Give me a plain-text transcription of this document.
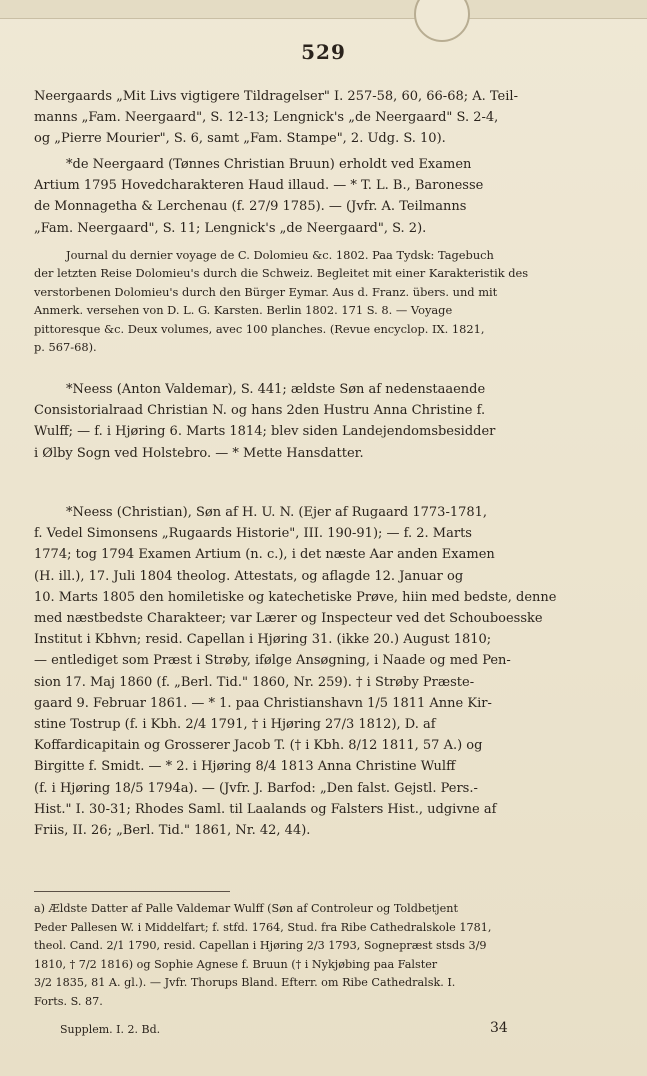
529
Neergaards „Mit Livs vigtigere Tildragelser" I. 257-58, 60, 66-68; A. Teil-
manns „Fam. Neergaard", S. 12-13; Lengnick's „de Neergaard" S. 2-4,
og „Pierre Mourier", S. 6, samt „Fam. Stampe", 2. Udg. S. 10).
*de Neergaard (Tønnes Christian Bruun) erholdt ved Examen
Artium 1795 Hovedcharakteren Haud illaud. — * T. L. B., Baronesse
de Monnagetha & Lerchenau (f. 27/9 1785). — (Jvfr. A. Teilmanns
„Fam. Neergaard", S. 11; Lengnick's „de Neergaard", S. 2).
Journal du dernier voyage de C. Dolomieu &c. 1802. Paa Tydsk: Tagebuch
der letzten Reise Dolomieu's durch die Schweiz. Begleitet mit einer Karakteristik des
verstorbenen Dolomieu's durch den Bürger Eymar. Aus d. Franz. übers. und mit
Anmerk. versehen von D. L. G. Karsten. Berlin 1802. 171 S. 8. — Voyage
pittoresque &c. Deux volumes, avec 100 planches. (Revue encyclop. IX. 1821,
p. 567-68).
*Neess (Anton Valdemar), S. 441; ældste Søn af nedenstaaende
Consistorialraad Christian N. og hans 2den Hustru Anna Christine f.
Wulff; — f. i Hjøring 6. Marts 1814; blev siden Landejendomsbesidder
i Ølby Sogn ved Holstebro. — * Mette Hansdatter.
*Neess (Christian), Søn af H. U. N. (Ejer af Rugaard 1773-1781,
f. Vedel Simonsens „Rugaards Historie", III. 190-91); — f. 2. Marts
1774; tog 1794 Examen Artium (n. c.), i det næste Aar anden Examen
(H. ill.), 17. Juli 1804 theolog. Attestats, og aflagde 12. Januar og
10. Marts 1805 den homiletiske og katechetiske Prøve, hiin med bedste, denne
med næstbedste Charakteer; var Lærer og Inspecteur ved det Schouboesske
Institut i Kbhvn; resid. Capellan i Hjøring 31. (ikke 20.) August 1810;
— entlediget som Præst i Strøby, ifølge Ansøgning, i Naade og med Pen-
sion 17. Maj 1860 (f. „Berl. Tid." 1860, Nr. 259). † i Strøby Præste-
gaard 9. Februar 1861. — * 1. paa Christianshavn 1/5 1811 Anne Kir-
stine Tostrup (f. i Kbh. 2/4 1791, † i Hjøring 27/3 1812), D. af
Koffardicapitain og Grosserer Jacob T. († i Kbh. 8/12 1811, 57 A.) og
Birgitte f. Smidt. — * 2. i Hjøring 8/4 1813 Anna Christine Wulff
(f. i Hjøring 18/5 1794a). — (Jvfr. J. Barfod: „Den falst. Gejstl. Pers.-
Hist." I. 30-31; Rhodes Saml. til Laalands og Falsters Hist., udgivne af
Friis, II. 26; „Berl. Tid." 1861, Nr. 42, 44).
a) Ældste Datter af Palle Valdemar Wulff (Søn af Controleur og Toldbetjent
Peder Pallesen W. i Middelfart; f. stfd. 1764, Stud. fra Ribe Cathedralskole 1781,
theol. Cand. 2/1 1790, resid. Capellan i Hjøring 2/3 1793, Sognepræst stsds 3/9
1810, † 7/2 1816) og Sophie Agnese f. Bruun († i Nykjøbing paa Falster
3/2 1835, 81 A. gl.). — Jvfr. Thorups Bland. Efterr. om Ribe Cathedralsk. I.
Forts. S. 87.
Supplem. I. 2. Bd.	34
